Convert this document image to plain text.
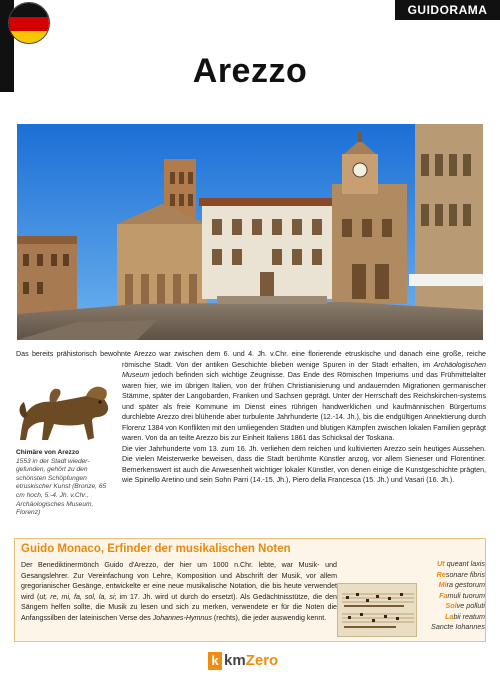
GUIDORAMA
Arezzo
Chimäre von Arezzo
1553 in der Stadt wieder-gefunden, gehört zu den schönsten Schöpfungen etruskischer Kunst (Bronze, 65 cm hoch, 5.-4. Jh. v.Chr., Archäologisches Museum, Florenz)

Das bereits prähistorisch bewohnte Arezzo war zwischen dem 6. und 4. Jh. v.Chr. eine florierende etruskische und danach eine große, reiche römische Stadt. Von der antiken Geschichte blieben wenige Spuren in der Stadt erhalten, im
Archäologischen Museum jedoch befinden sich wichtige Zeugnisse. Das Ende des Römischen Imperiums und das Frühmittelalter waren hier, wie im übrigen Italien, von der frühen Christianisierung und andauernden Migrationen germanischer Stämme, später der Langobarden, Franken und Sachsen geprägt. Unter der Herrschaft des Reichskirchen-systems und später als freie Kommune im Dienst eines rührigen handwerklichen und kaufmännischen Bürgertums durchlebte Arezzo drei blühende aber turbulente Jahrhunderte (12.-14. Jh.), bis die endgültigen Annektierung durch Florenz 1384 von Konflikten mit den umliegenden Städten und blutigen Kämpfen zwischen lokalen Familien geprägt waren. Von da an teilte Arezzo bis zur Einheit Italiens 1861 das Schicksal der Toskana.

Die vier Jahrhunderte vom 13. zum 16. Jh. verliehen dem reichen und kultivierten Arezzo sein heutiges Aussehen. Die vielen Meisterwerke beweisen, dass die Stadt berühmte Künstler anzog, vor allem Sieneser und Florentiner. Bemerkenswert ist auch die Anwesenheit wichtiger lokaler Künstler, von denen einige die Kunstgeschichte prägten, wie Spinello Aretino und sein Sohn Parri (14.-15. Jh.), Piero della Francesca (15. Jh.) und Vasari (16. Jh.).

Guido Monaco, Erfinder der musikalischen Noten
Der Benediktinermönch Guido d'Arezzo, der hier um 1000 n.Chr. lebte, war Musik- und Gesangslehrer. Zur Vereinfachung von Lehre, Komposition und Abschrift der Musik, vor allem gregorianischer Gesänge, entwickelte er eine neue musikalische Notation, die bis heute verwendet wird (ut, re, mi, fa, sol, la, si; im 17. Jh. wird ut durch do ersetzt). Als Gedächtnisstütze, die den Sängern helfen sollte, die Musik zu lesen und sich zu merken, verwendete er für die Noten die Anfangssilben der lateinischen Verse des Johannes-Hymnus (rechts), die jeder auswendig kennt.
Ut queant laxis
Resonare fibris
Mira gestorum
Famuli tuorum
Solve polluti
Labii reatum
Sancte Iohannes
k kmZero
